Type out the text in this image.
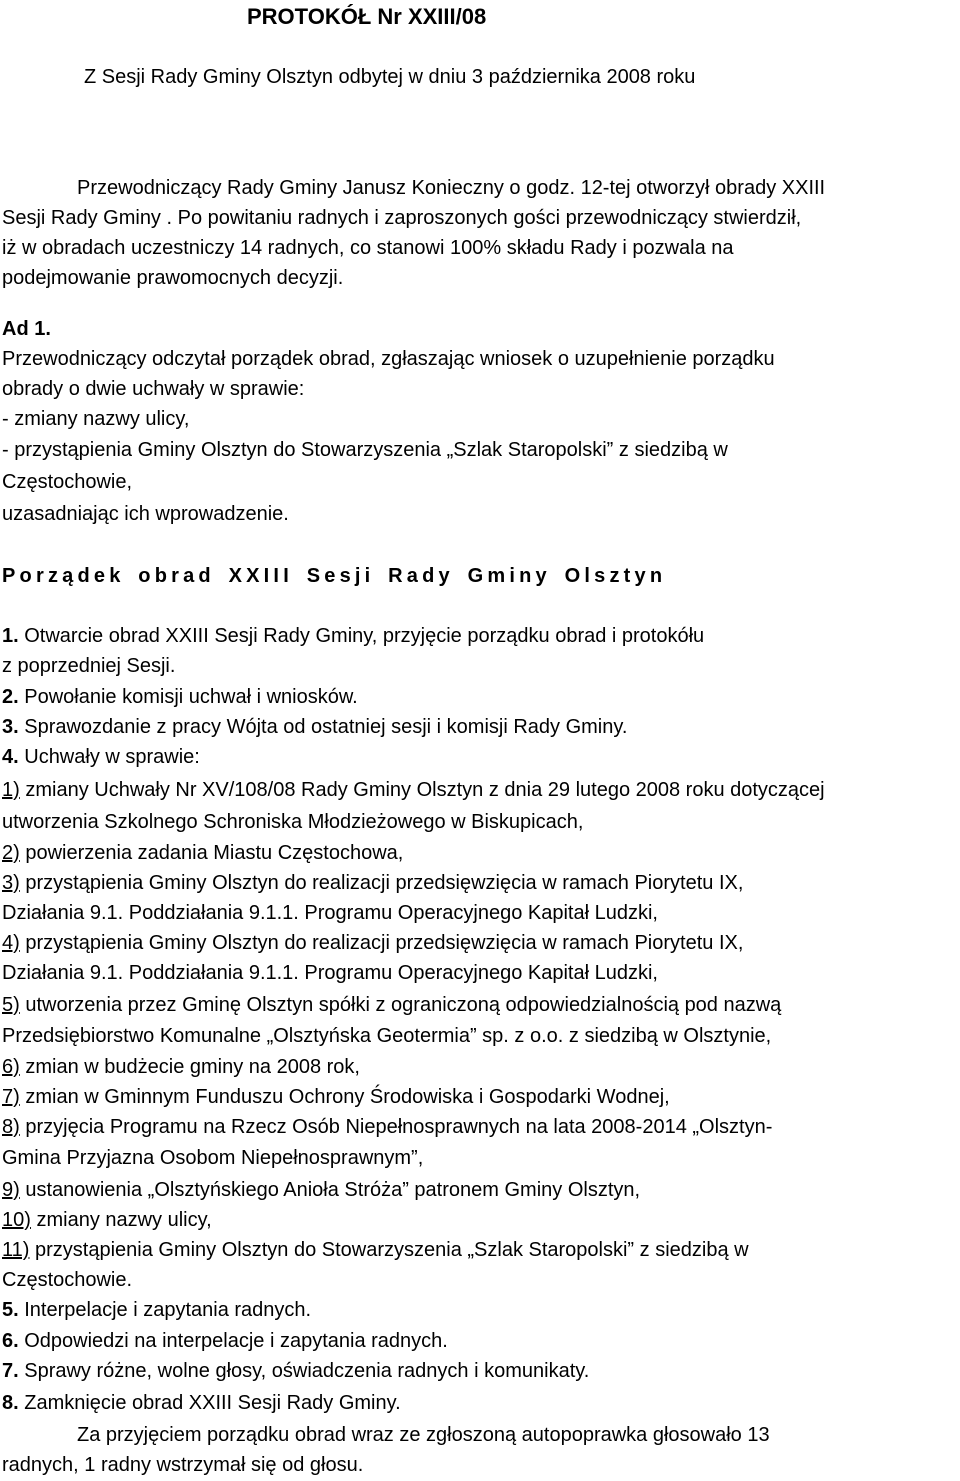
PROTOKÓŁ Nr XXIII/08
Z Sesji Rady Gminy Olsztyn odbytej w dniu 3 października 2008 roku
Przewodniczący Rady Gminy Janusz Konieczny o godz. 12-tej otworzył obrady XXIII
Sesji Rady Gminy . Po powitaniu radnych i zaproszonych gości przewodniczący stwierdził,
iż w obradach uczestniczy 14 radnych, co stanowi 100% składu Rady i pozwala na
podejmowanie prawomocnych decyzji.
Ad 1.
Przewodniczący odczytał porządek obrad, zgłaszając wniosek o uzupełnienie porządku
obrady o dwie uchwały w sprawie:
- zmiany nazwy ulicy,
- przystąpienia Gminy Olsztyn do Stowarzyszenia „Szlak Staropolski” z siedzibą w
Częstochowie,
uzasadniając ich wprowadzenie.
Porządek obrad XXIII Sesji Rady Gminy Olsztyn
1. Otwarcie obrad XXIII Sesji Rady Gminy, przyjęcie porządku obrad i protokółu
z poprzedniej Sesji.
2. Powołanie komisji uchwał i wniosków.
3. Sprawozdanie z pracy Wójta od ostatniej sesji i komisji Rady Gminy.
4. Uchwały w sprawie:
1) zmiany Uchwały Nr XV/108/08 Rady Gminy Olsztyn z dnia 29 lutego 2008 roku dotyczącej
utworzenia Szkolnego Schroniska Młodzieżowego w Biskupicach,
2) powierzenia zadania Miastu Częstochowa,
3) przystąpienia Gminy Olsztyn do realizacji przedsięwzięcia w ramach Piorytetu IX,
Działania 9.1. Poddziałania 9.1.1. Programu Operacyjnego Kapitał Ludzki,
4) przystąpienia Gminy Olsztyn do realizacji przedsięwzięcia w ramach Piorytetu IX,
Działania 9.1. Poddziałania 9.1.1. Programu Operacyjnego Kapitał Ludzki,
5) utworzenia przez Gminę Olsztyn spółki z ograniczoną odpowiedzialnością pod nazwą
Przedsiębiorstwo Komunalne „Olsztyńska Geotermia” sp. z o.o. z siedzibą w Olsztynie,
6) zmian w budżecie gminy na 2008 rok,
7) zmian w Gminnym Funduszu Ochrony Środowiska i Gospodarki Wodnej,
8) przyjęcia Programu na Rzecz Osób Niepełnosprawnych na lata 2008-2014 „Olsztyn-
Gmina Przyjazna Osobom Niepełnosprawnym”,
9) ustanowienia „Olsztyńskiego Anioła Stróża” patronem Gminy Olsztyn,
10) zmiany nazwy ulicy,
11) przystąpienia Gminy Olsztyn do Stowarzyszenia „Szlak Staropolski” z siedzibą w
Częstochowie.
5. Interpelacje i zapytania radnych.
6. Odpowiedzi na interpelacje i zapytania radnych.
7. Sprawy różne, wolne głosy, oświadczenia radnych i komunikaty.
8. Zamknięcie obrad XXIII Sesji Rady Gminy.
Za przyjęciem porządku obrad wraz ze zgłoszoną autopoprawka głosowało 13
radnych, 1 radny wstrzymał się od głosu.
